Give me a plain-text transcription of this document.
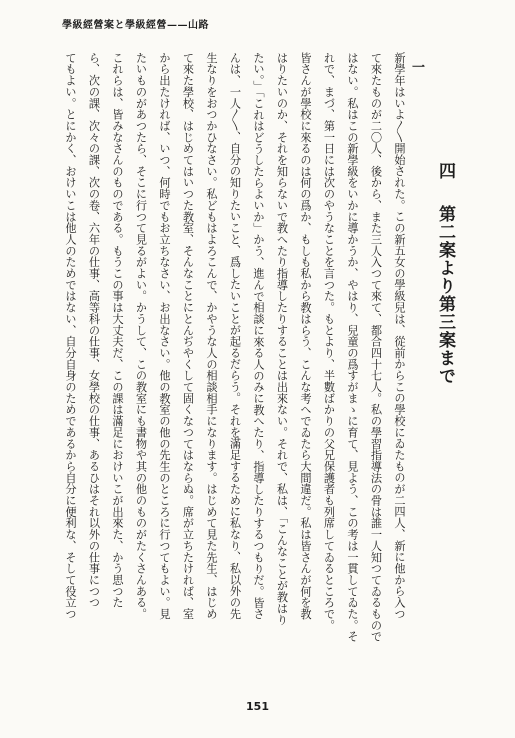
學級經營案と學級經營——山路
四
第二案より第三案まで
一
新學年はいよ〳〵開始された。この新五女の學級兒は、從前からこの學校にゐたものが二四人、新に他から入つ
て來たものが二〇人、後から、また三人入つて來て、都合四十七人。私の學習指導法の骨は誰一人知つてゐるもので
はない。私はこの新學級をいかに導かうか、やはり、兒童の爲すがまゝに育て、見よう、この考は一貫してゐた。そ
れで、まづ、第一日には次のやうなことを言つた。もとより、半數ばかりの父兄保護者も列席してゐるところで。
皆さんが學校に來るのは何の爲か、もしも私から教はらう、こんな考へでゐたら大間違だ。私は皆さんが何を教
はりたいのか、それを知らないで教へたり指導したりすることは出來ない。それで、私は、「こんなことが教はり
たい。」「これはどうしたらよいか」かう、進んで相談に來る人のみに教へたり、指導したりするつもりだ。皆さ
んは、一人〳〵、自分の知りたいこと、爲したいことが起るだらう。それを滿足するために私なり、私以外の先
生なりをおつかひなさい。私どもはよろこんで、かやうな人の相談相手になります。はじめて見た先生、はじめ
て來た學校、はじめてはいつた教室、そんなことにとんぢやくして固くなつてはならぬ。席が立ちたければ、室
から出たければ、いつ、何時でもお立ちなさい、お出なさい。他の教室の他の先生のところに行つてもよい。見
たいものがあつたら、そこに行つて見るがよい。かうして、この教室にも書物や其の他のものがたくさんある。
これらは、皆みなさんのものである。もうこの事は大丈夫だ、この課は滿足におけいこが出來た、かう思つた
ら、次の課、次々の課、次の卷、六年の仕事、高等科の仕事、女學校の仕事、あるひはそれ以外の仕事につつ
てもよい。とにかく、おけいこは他人のためではない、自分自身のためであるから自分に便利な、そして役立つ
151
